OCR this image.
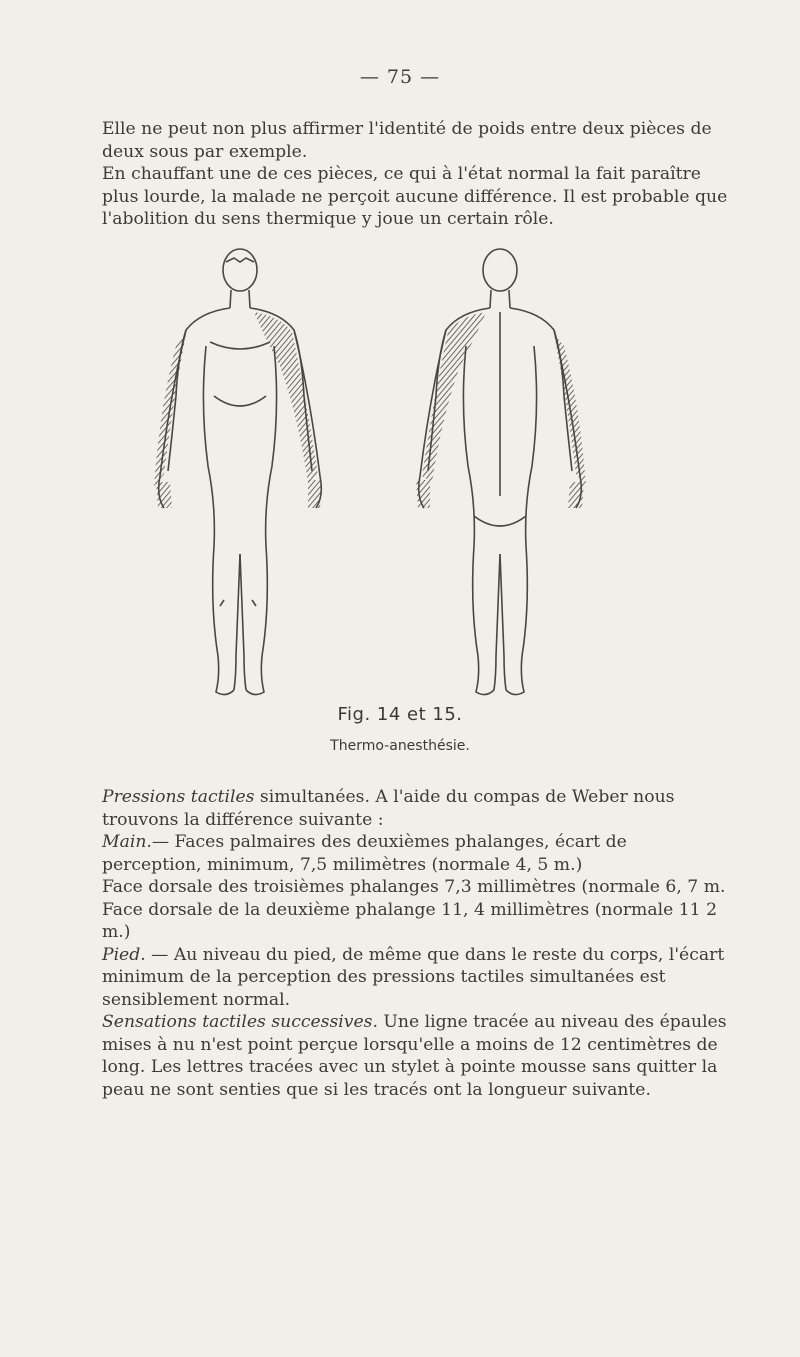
— 75 —

Elle ne peut non plus affirmer l'identité de poids entre deux pièces de deux sous par exemple.

En chauffant une de ces pièces, ce qui à l'état normal la fait paraître plus lourde, la malade ne perçoit aucune différence. Il est probable que l'abolition du sens thermique y joue un certain rôle.

Fig. 14 et 15.
Thermo-anesthésie.

Pressions tactiles simultanées. A l'aide du compas de Weber nous trouvons la différence suivante :

Main.— Faces palmaires des deuxièmes phalanges, écart de perception, minimum, 7,5 milimètres (normale 4, 5 m.)

Face dorsale des troisièmes phalanges 7,3 millimètres (normale 6, 7 m.

Face dorsale de la deuxième phalange 11, 4 millimètres (normale 11 2 m.)

Pied. — Au niveau du pied, de même que dans le reste du corps, l'écart minimum de la perception des pressions tactiles simultanées est sensiblement normal.

Sensations tactiles successives. Une ligne tracée au niveau des épaules mises à nu n'est point perçue lorsqu'elle a moins de 12 centimètres de long. Les lettres tracées avec un stylet à pointe mousse sans quitter la peau ne sont senties que si les tracés ont la longueur suivante.
